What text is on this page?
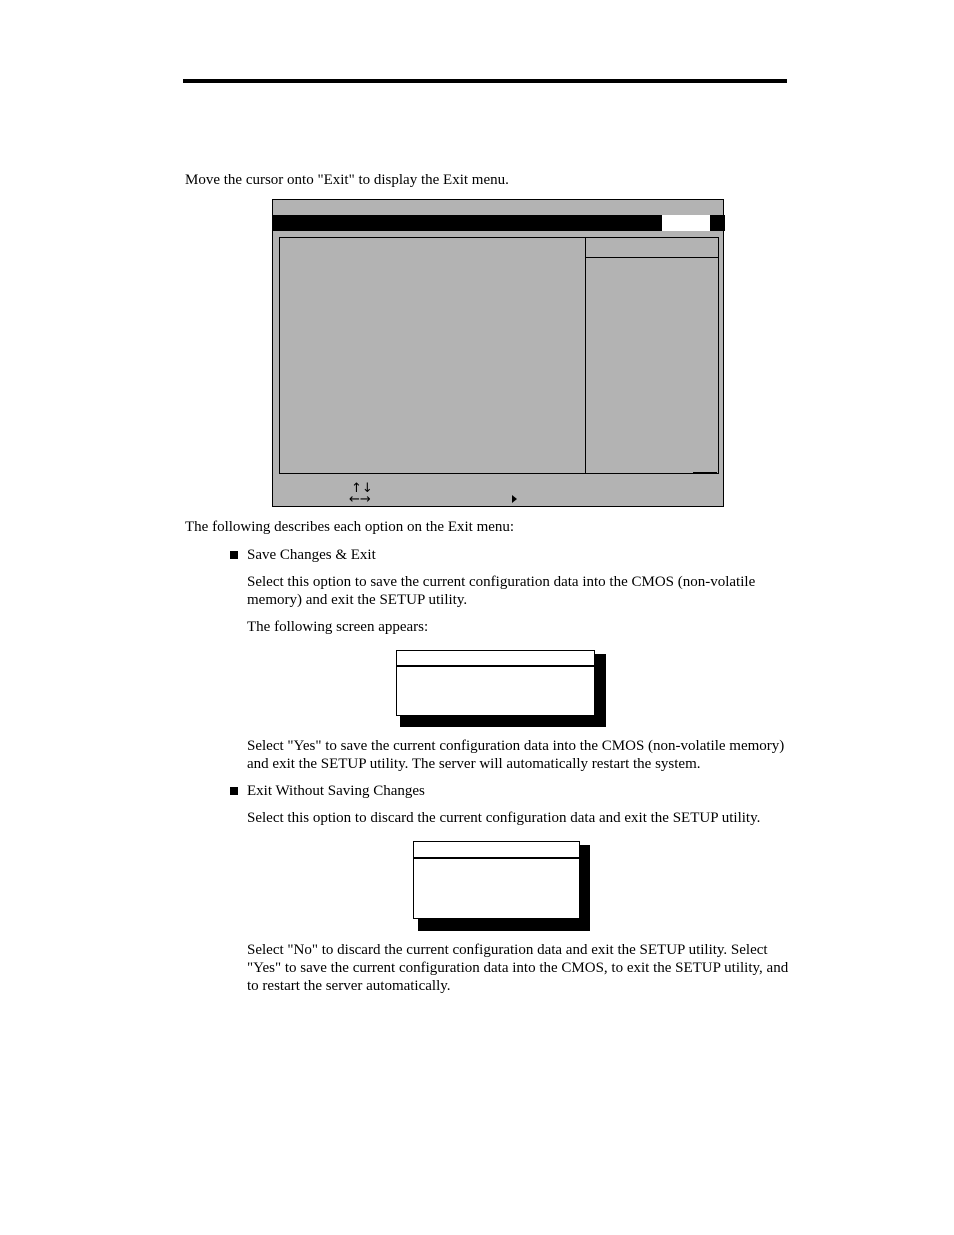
Move the cursor onto "Exit" to display the Exit menu.
↑↓
←→
The following describes each option on the Exit menu:
Save Changes & Exit
Select this option to save the current configuration data into the CMOS (non-volatile
memory) and exit the SETUP utility.
The following screen appears:
Select "Yes" to save the current configuration data into the CMOS (non-volatile memory)
and exit the SETUP utility. The server will automatically restart the system.
Exit Without Saving Changes
Select this option to discard the current configuration data and exit the SETUP utility.
Select "No" to discard the current configuration data and exit the SETUP utility. Select
"Yes" to save the current configuration data into the CMOS, to exit the SETUP utility, and
to restart the server automatically.
